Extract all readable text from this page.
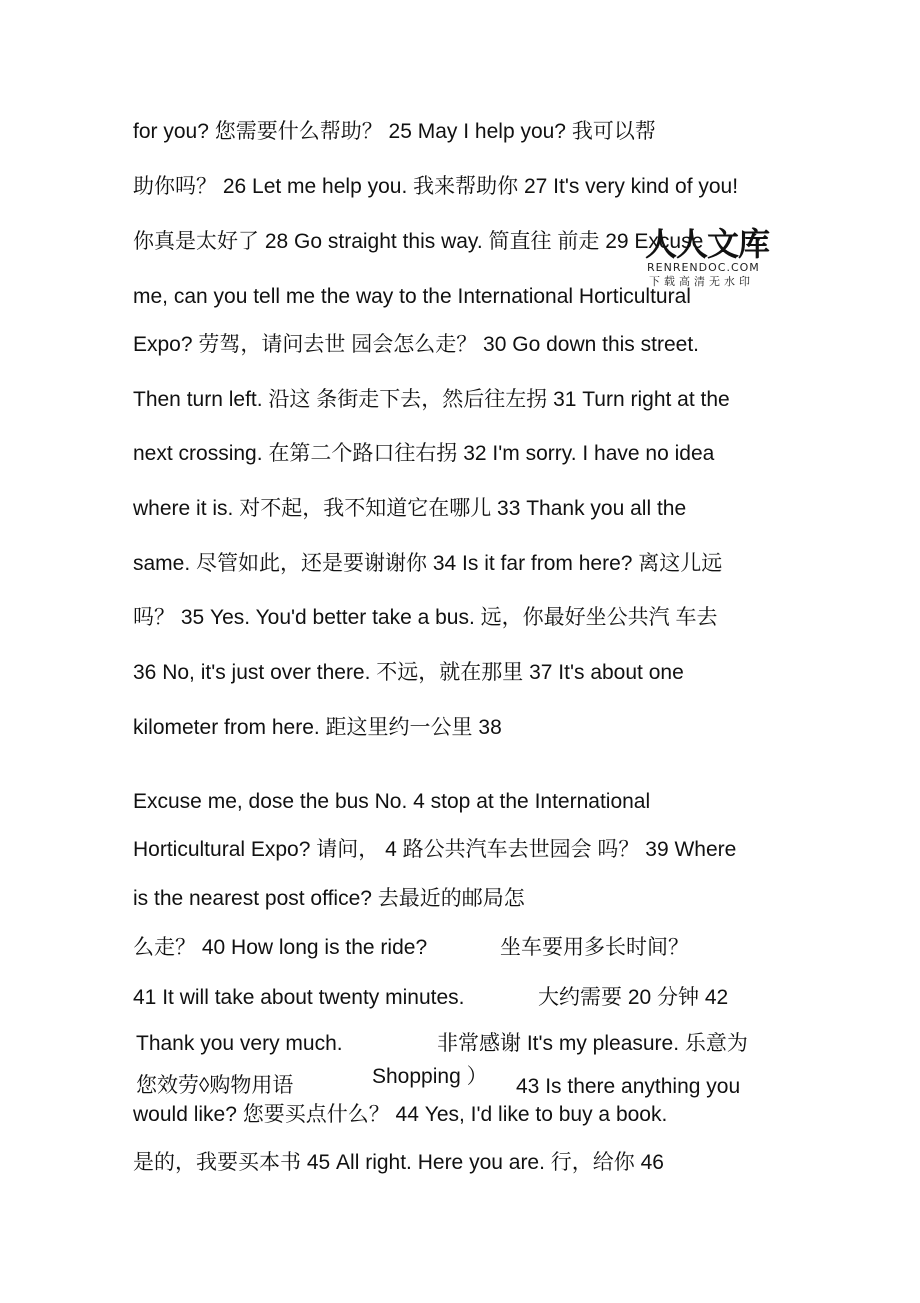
for you? 您需要什么帮助？ 25 May I help you? 我可以帮
助你吗？ 26 Let me help you. 我来帮助你 27 It's very kind of you!
你真是太好了 28 Go straight this way. 简直往 前走 29 Excuse
me, can you tell me the way to the International Horticultural
Expo? 劳驾，请问去世 园会怎么走？ 30 Go down this street.
Then turn left. 沿这 条街走下去，然后往左拐 31 Turn right at the
next crossing. 在第二个路口往右拐 32 I'm sorry. I have no idea
where it is. 对不起，我不知道它在哪儿 33 Thank you all the
same. 尽管如此，还是要谢谢你 34 Is it far from here? 离这儿远
吗？ 35 Yes. You'd better take a bus. 远，你最好坐公共汽 车去
36 No, it's just over there. 不远，就在那里 37 It's about one
kilometer from here. 距这里约一公里 38
Excuse me, dose the bus No. 4 stop at the International
Horticultural Expo? 请问， 4 路公共汽车去世园会 吗？ 39 Where
is the nearest post office? 去最近的邮局怎
么走？ 40 How long is the ride?	坐车要用多长时间？
41 It will take about twenty minutes.	大约需要 20 分钟 42
Thank you very much.	非常感谢 It's my pleasure. 乐意为
您效劳◊购物用语	Shopping ） 43 Is there anything you
would like? 您要买点什么？ 44 Yes, I'd like to buy a book.
是的，我要买本书 45 All right. Here you are. 行，给你 46
人人文库
RENRENDOC.COM
下载高清无水印
